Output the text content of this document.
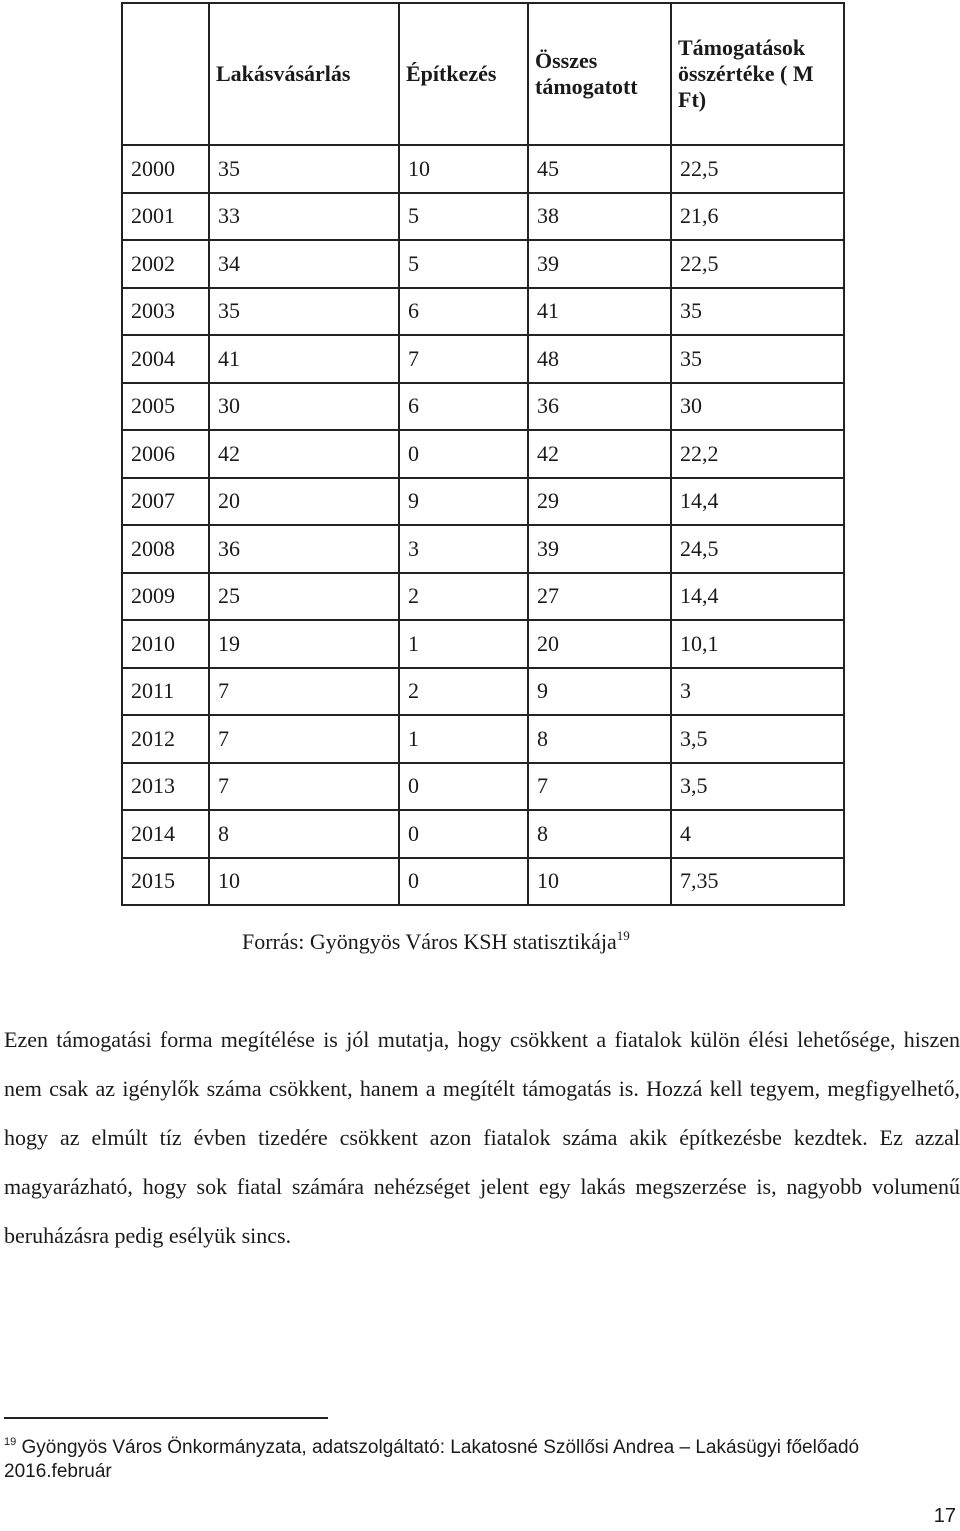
	Lakásvásárlás	Építkezés	Összes támogatott	Támogatások összértéke ( M Ft)
2000	35	10	45	22,5
2001	33	5	38	21,6
2002	34	5	39	22,5
2003	35	6	41	35
2004	41	7	48	35
2005	30	6	36	30
2006	42	0	42	22,2
2007	20	9	29	14,4
2008	36	3	39	24,5
2009	25	2	27	14,4
2010	19	1	20	10,1
2011	7	2	9	3
2012	7	1	8	3,5
2013	7	0	7	3,5
2014	8	0	8	4
2015	10	0	10	7,35
Forrás: Gyöngyös Város KSH statisztikája$^{19}$
Ezen támogatási forma megítélése is jól mutatja, hogy csökkent a fiatalok külön élési lehetősége, hiszen nem csak az igénylők száma csökkent, hanem a megítélt támogatás is. Hozzá kell tegyem, megfigyelhető, hogy az elmúlt tíz évben tizedére csökkent azon fiatalok száma akik építkezésbe kezdtek. Ez azzal magyarázható, hogy sok fiatal számára nehézséget jelent egy lakás megszerzése is, nagyobb volumenű beruházásra pedig esélyük sincs.
$^{19}$ Gyöngyös Város Önkormányzata, adatszolgáltató: Lakatosné Szöllősi Andrea – Lakásügyi főelőadó 2016.február
17
